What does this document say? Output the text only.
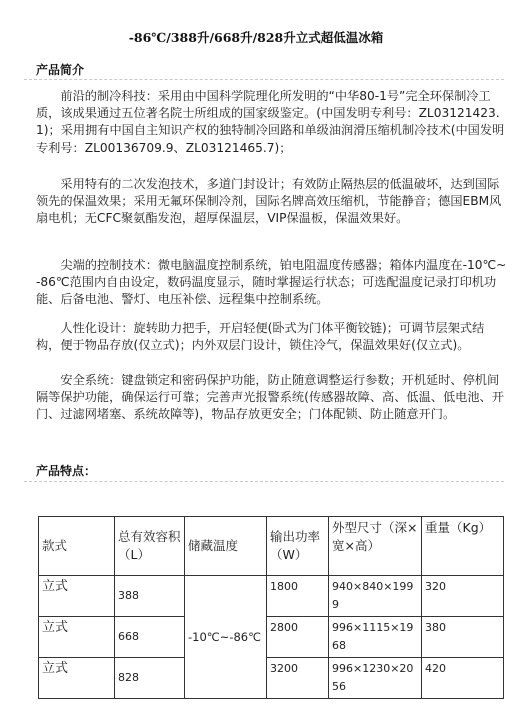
-86℃/388升/668升/828升立式超低温冰箱
产品简介

前沿的制冷科技：采用由中国科学院理化所发明的“中华80-1号”完全环保制冷工质，该成果通过五位著名院士所组成的国家级鉴定。(中国发明专利号：ZL03121423.1)；采用拥有中国自主知识产权的独特制冷回路和单级油润滑压缩机制冷技术(中国发明专利号：ZL00136709.9、ZL03121465.7)；

采用特有的二次发泡技术，多道门封设计；有效防止隔热层的低温破坏，达到国际领先的保温效果；采用无氟环保制冷剂，国际名牌高效压缩机，节能静音；德国EBM风扇电机；无CFC聚氨酯发泡，超厚保温层，VIP保温板，保温效果好。

尖端的控制技术：微电脑温度控制系统，铂电阻温度传感器；箱体内温度在-10℃~-86℃范围内自由设定，数码温度显示，随时掌握运行状态；可选配温度记录打印机功能、后备电池、警灯、电压补偿、远程集中控制系统。

人性化设计：旋转助力把手，开启轻便(卧式为门体平衡铰链)；可调节层架式结构，便于物品存放(仅立式)；内外双层门设计，锁住冷气，保温效果好(仅立式)。

安全系统：键盘锁定和密码保护功能，防止随意调整运行参数；开机延时、停机间隔等保护功能，确保运行可靠；完善声光报警系统(传感器故障、高、低温、低电池、开门、过滤网堵塞、系统故障等)，物品存放更安全；门体配锁、防止随意开门。

产品特点：
款式	总有效容积（L）	储藏温度	输出功率（W）	外型尺寸（深×宽×高）	重量（Kg）
立式	388	-10℃~-86℃	1800	940×840×1999	320
立式	668		2800	996×1115×1968	380
立式	828		3200	996×1230×2056	420
